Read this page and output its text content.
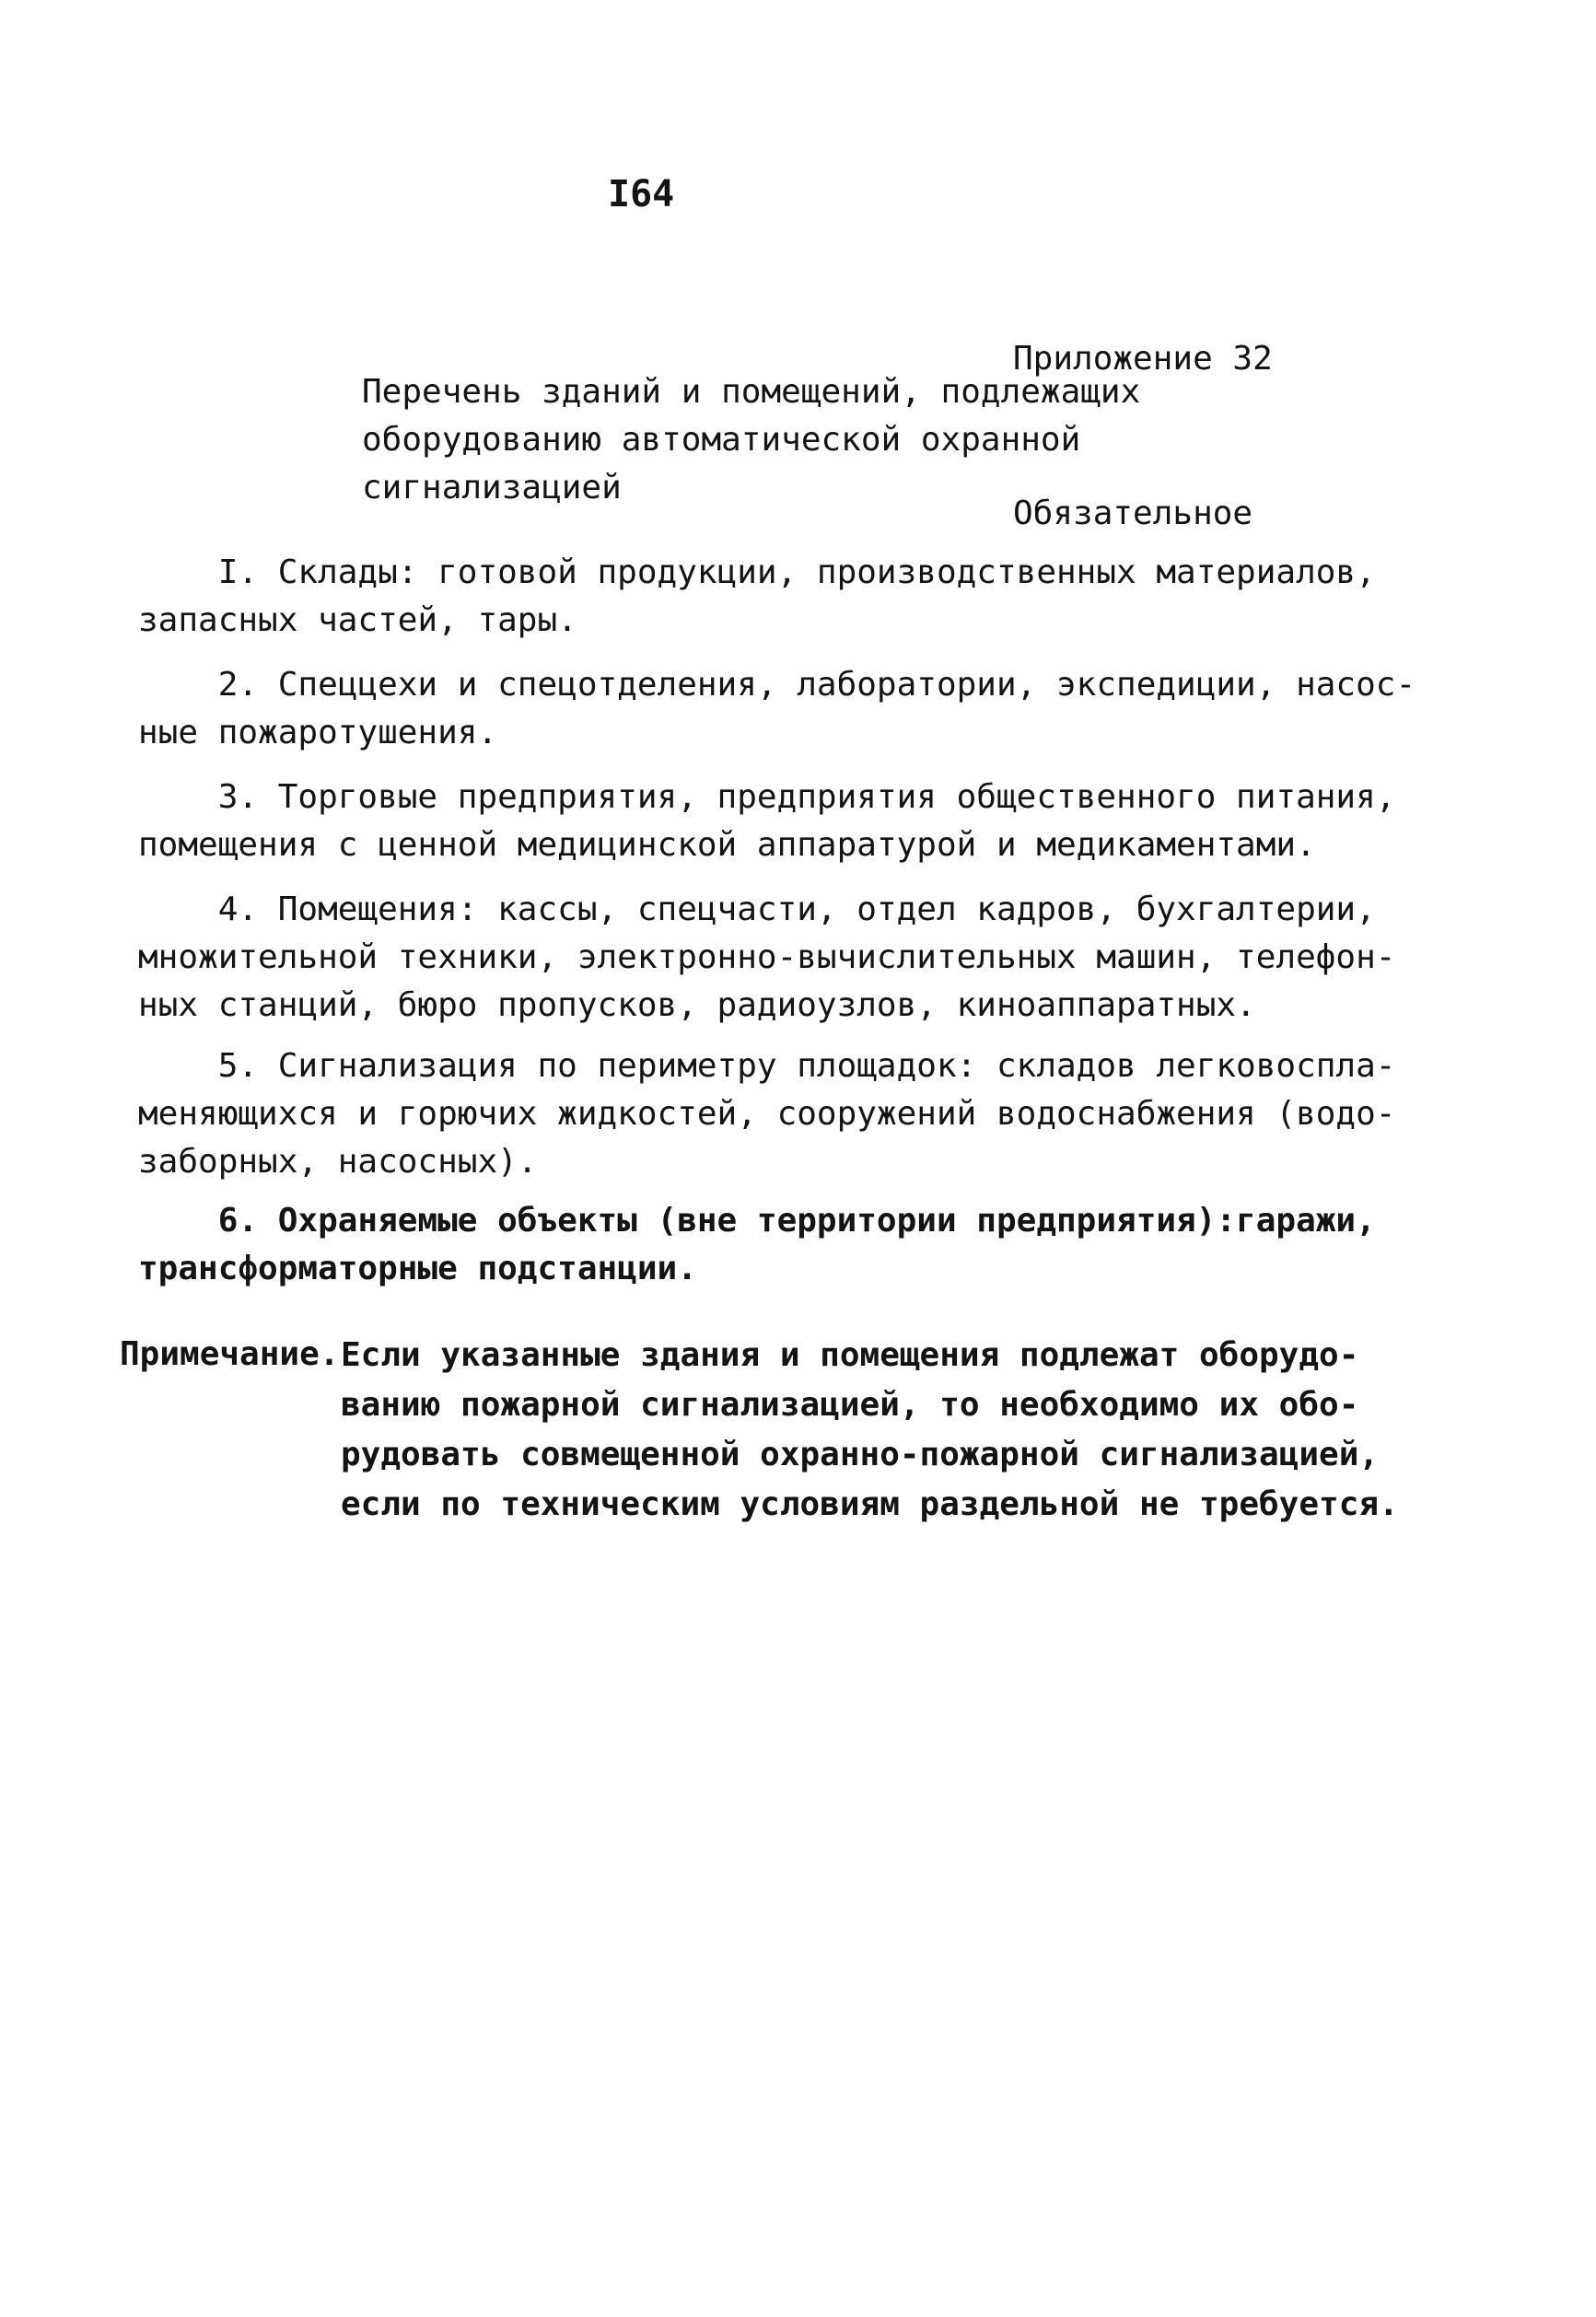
I64

Приложение 32

Обязательное

Перечень зданий и помещений, подлежащих
оборудованию автоматической охранной
сигнализацией
I. Склады: готовой продукции, производственных материалов,
запасных частей, тары.
2. Спеццехи и спецотделения, лаборатории, экспедиции, насос-
ные пожаротушения.
3. Торговые предприятия, предприятия общественного питания,
помещения с ценной медицинской аппаратурой и медикаментами.
4. Помещения: кассы, спецчасти, отдел кадров, бухгалтерии,
множительной техники, электронно-вычислительных машин, телефон-
ных станций, бюро пропусков, радиоузлов, киноаппаратных.
5. Сигнализация по периметру площадок: складов легковоспла-
меняющихся и горючих жидкостей, сооружений водоснабжения (водо-
заборных, насосных).
6. Охраняемые объекты (вне территории предприятия):гаражи,
трансформаторные подстанции.
Примечание. Если указанные здания и помещения подлежат оборудо-
ванию пожарной сигнализацией, то необходимо их обо-
рудовать совмещенной охранно-пожарной сигнализацией,
если по техническим условиям раздельной не требуется.
